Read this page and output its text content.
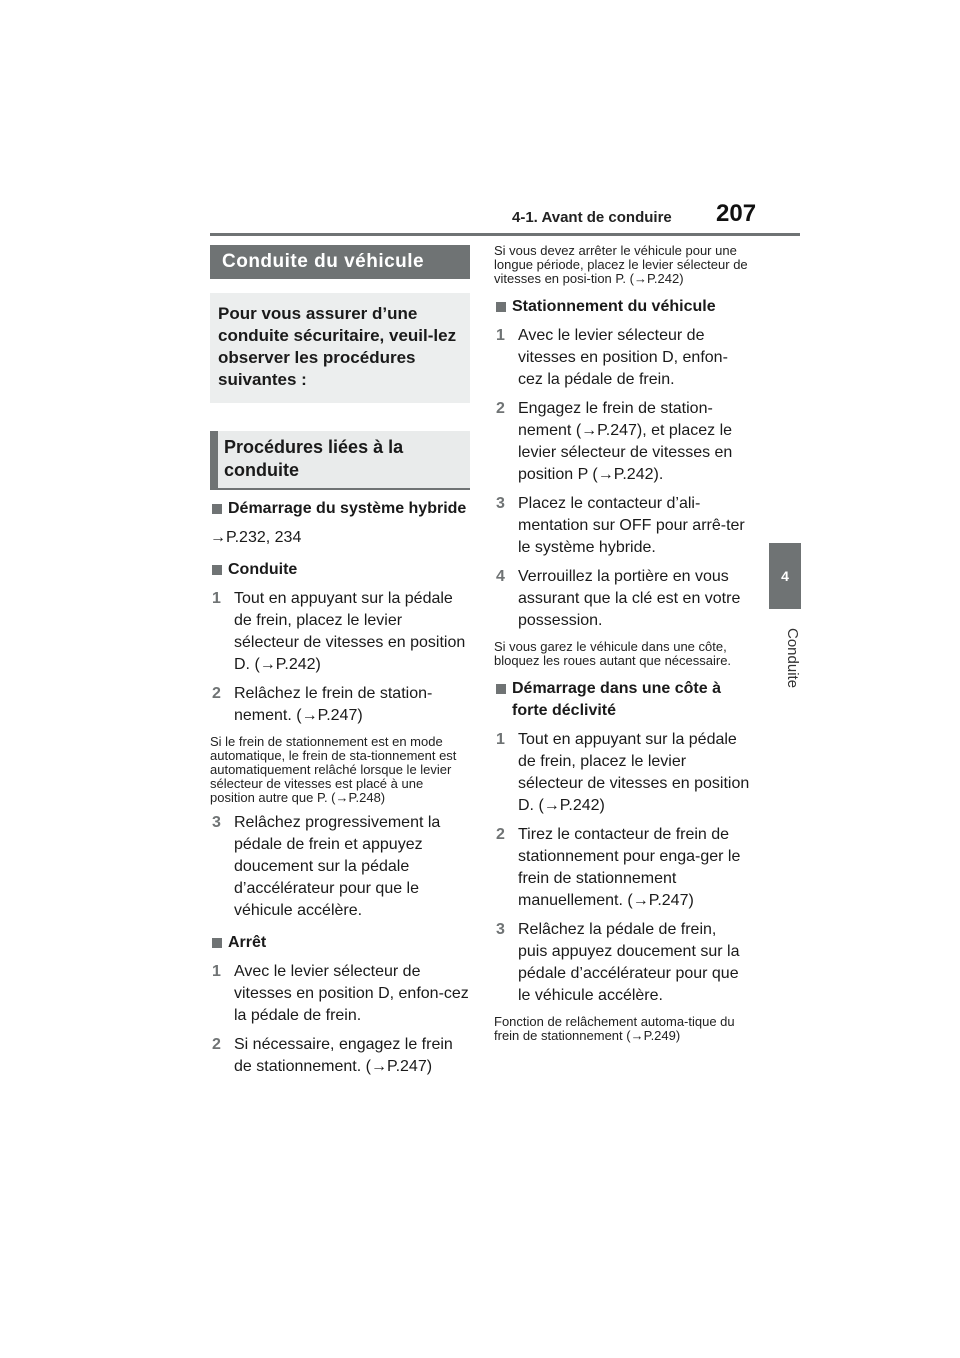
4-1. Avant de conduire 207
4
Conduite
Conduite du véhicule
Pour vous assurer d’une conduite sécuritaire, veuil-lez observer les procédures suivantes :
Procédures liées à la conduite
Démarrage du système hybride
→P.232, 234
Conduite
1 Tout en appuyant sur la pédale de frein, placez le levier sélecteur de vitesses en position D. (→P.242)
2 Relâchez le frein de station-nement. (→P.247)
Si le frein de stationnement est en mode automatique, le frein de sta-tionnement est automatiquement relâché lorsque le levier sélecteur de vitesses est placé à une position autre que P. (→P.248)
3 Relâchez progressivement la pédale de frein et appuyez doucement sur la pédale d’accélérateur pour que le véhicule accélère.
Arrêt
1 Avec le levier sélecteur de vitesses en position D, enfon-cez la pédale de frein.
2 Si nécessaire, engagez le frein de stationnement. (→P.247)
Si vous devez arrêter le véhicule pour une longue période, placez le levier sélecteur de vitesses en posi-tion P. (→P.242)
Stationnement du véhicule
1 Avec le levier sélecteur de vitesses en position D, enfon-cez la pédale de frein.
2 Engagez le frein de station-nement (→P.247), et placez le levier sélecteur de vitesses en position P (→P.242).
3 Placez le contacteur d’ali-mentation sur OFF pour arrê-ter le système hybride.
4 Verrouillez la portière en vous assurant que la clé est en votre possession.
Si vous garez le véhicule dans une côte, bloquez les roues autant que nécessaire.
Démarrage dans une côte à forte déclivité
1 Tout en appuyant sur la pédale de frein, placez le levier sélecteur de vitesses en position D. (→P.242)
2 Tirez le contacteur de frein de stationnement pour enga-ger le frein de stationnement manuellement. (→P.247)
3 Relâchez la pédale de frein, puis appuyez doucement sur la pédale d’accélérateur pour que le véhicule accélère.
Fonction de relâchement automa-tique du frein de stationnement (→P.249)
